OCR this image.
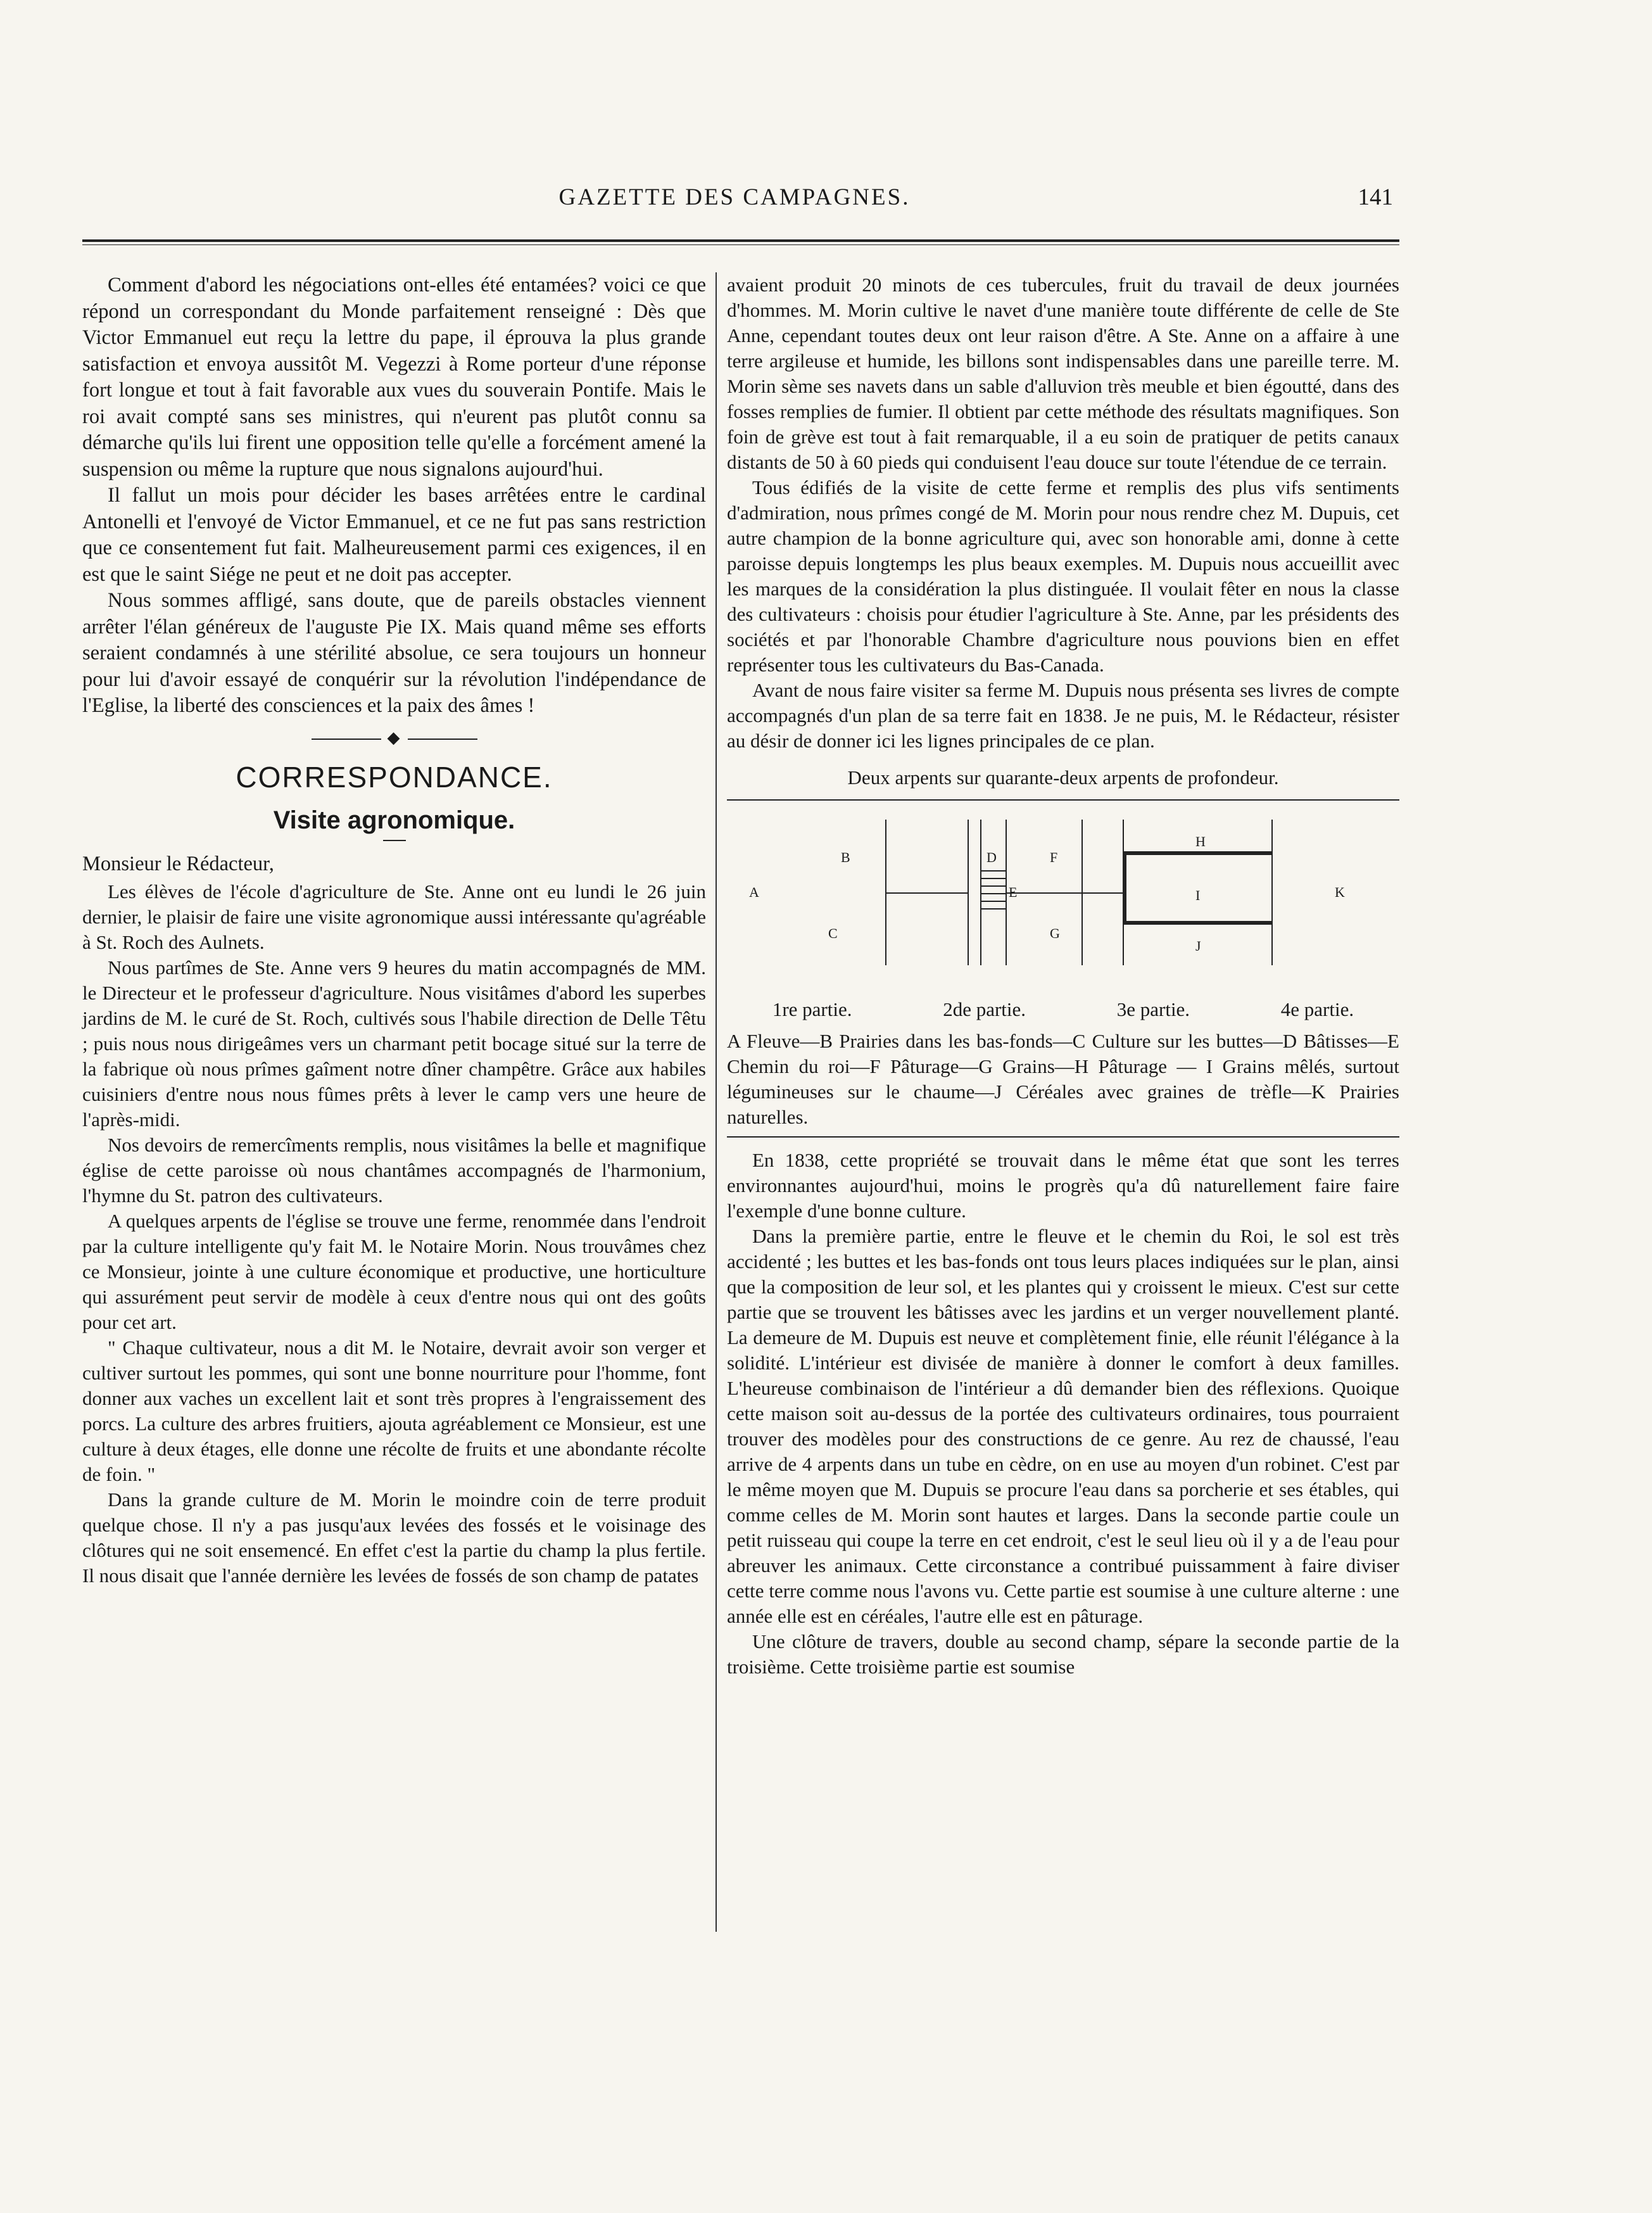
GAZETTE DES CAMPAGNES.	141

Comment d'abord les négociations ont-elles été entamées? voici ce que répond un correspondant du Monde parfaitement renseigné : Dès que Victor Emmanuel eut reçu la lettre du pape, il éprouva la plus grande satisfaction et envoya aussitôt M. Vegezzi à Rome porteur d'une réponse fort longue et tout à fait favorable aux vues du souverain Pontife. Mais le roi avait compté sans ses ministres, qui n'eurent pas plutôt connu sa démarche qu'ils lui firent une opposition telle qu'elle a forcément amené la suspension ou même la rupture que nous signalons aujourd'hui.

Il fallut un mois pour décider les bases arrêtées entre le cardinal Antonelli et l'envoyé de Victor Emmanuel, et ce ne fut pas sans restriction que ce consentement fut fait. Malheureusement parmi ces exigences, il en est que le saint Siége ne peut et ne doit pas accepter.

Nous sommes affligé, sans doute, que de pareils obstacles viennent arrêter l'élan généreux de l'auguste Pie IX. Mais quand même ses efforts seraient condamnés à une stérilité absolue, ce sera toujours un honneur pour lui d'avoir essayé de conquérir sur la révolution l'indépendance de l'Eglise, la liberté des consciences et la paix des âmes !

◆
CORRESPONDANCE.
Visite agronomique.

Monsieur le Rédacteur,

Les élèves de l'école d'agriculture de Ste. Anne ont eu lundi le 26 juin dernier, le plaisir de faire une visite agronomique aussi intéressante qu'agréable à St. Roch des Aulnets.

Nous partîmes de Ste. Anne vers 9 heures du matin accompagnés de MM. le Directeur et le professeur d'agriculture. Nous visitâmes d'abord les superbes jardins de M. le curé de St. Roch, cultivés sous l'habile direction de Delle Têtu ; puis nous nous dirigeâmes vers un charmant petit bocage situé sur la terre de la fabrique où nous prîmes gaîment notre dîner champêtre. Grâce aux habiles cuisiniers d'entre nous nous fûmes prêts à lever le camp vers une heure de l'après-midi.

Nos devoirs de remercîments remplis, nous visitâmes la belle et magnifique église de cette paroisse où nous chantâmes accompagnés de l'harmonium, l'hymne du St. patron des cultivateurs.

A quelques arpents de l'église se trouve une ferme, renommée dans l'endroit par la culture intelligente qu'y fait M. le Notaire Morin. Nous trouvâmes chez ce Monsieur, jointe à une culture économique et productive, une horticulture qui assurément peut servir de modèle à ceux d'entre nous qui ont des goûts pour cet art.

" Chaque cultivateur, nous a dit M. le Notaire, devrait avoir son verger et cultiver surtout les pommes, qui sont une bonne nourriture pour l'homme, font donner aux vaches un excellent lait et sont très propres à l'engraissement des porcs. La culture des arbres fruitiers, ajouta agréablement ce Monsieur, est une culture à deux étages, elle donne une récolte de fruits et une abondante récolte de foin. "

Dans la grande culture de M. Morin le moindre coin de terre produit quelque chose. Il n'y a pas jusqu'aux levées des fossés et le voisinage des clôtures qui ne soit ensemencé. En effet c'est la partie du champ la plus fertile. Il nous disait que l'année dernière les levées de fossés de son champ de patates

avaient produit 20 minots de ces tubercules, fruit du travail de deux journées d'hommes. M. Morin cultive le navet d'une manière toute différente de celle de Ste Anne, cependant toutes deux ont leur raison d'être. A Ste. Anne on a affaire à une terre argileuse et humide, les billons sont indispensables dans une pareille terre. M. Morin sème ses navets dans un sable d'alluvion très meuble et bien égoutté, dans des fosses remplies de fumier. Il obtient par cette méthode des résultats magnifiques. Son foin de grève est tout à fait remarquable, il a eu soin de pratiquer de petits canaux distants de 50 à 60 pieds qui conduisent l'eau douce sur toute l'étendue de ce terrain.

Tous édifiés de la visite de cette ferme et remplis des plus vifs sentiments d'admiration, nous prîmes congé de M. Morin pour nous rendre chez M. Dupuis, cet autre champion de la bonne agriculture qui, avec son honorable ami, donne à cette paroisse depuis longtemps les plus beaux exemples. M. Dupuis nous accueillit avec les marques de la considération la plus distinguée. Il voulait fêter en nous la classe des cultivateurs : choisis pour étudier l'agriculture à Ste. Anne, par les présidents des sociétés et par l'honorable Chambre d'agriculture nous pouvions bien en effet représenter tous les cultivateurs du Bas-Canada.

Avant de nous faire visiter sa ferme M. Dupuis nous présenta ses livres de compte accompagnés d'un plan de sa terre fait en 1838. Je ne puis, M. le Rédacteur, résister au désir de donner ici les lignes principales de ce plan.

Deux arpents sur quarante-deux arpents de profondeur.

A
B
C
D
E
F
G
H
I
J
K
1re partie.	2de partie.	3e partie.	4e partie.

A Fleuve—B Prairies dans les bas-fonds—C Culture sur les buttes—D Bâtisses—E Chemin du roi—F Pâturage—G Grains—H Pâturage — I Grains mêlés, surtout légumineuses sur le chaume—J Céréales avec graines de trèfle—K Prairies naturelles.

En 1838, cette propriété se trouvait dans le même état que sont les terres environnantes aujourd'hui, moins le progrès qu'a dû naturellement faire faire l'exemple d'une bonne culture.

Dans la première partie, entre le fleuve et le chemin du Roi, le sol est très accidenté ; les buttes et les bas-fonds ont tous leurs places indiquées sur le plan, ainsi que la composition de leur sol, et les plantes qui y croissent le mieux. C'est sur cette partie que se trouvent les bâtisses avec les jardins et un verger nouvellement planté. La demeure de M. Dupuis est neuve et complètement finie, elle réunit l'élégance à la solidité. L'intérieur est divisée de manière à donner le comfort à deux familles. L'heureuse combinaison de l'intérieur a dû demander bien des réflexions. Quoique cette maison soit au-dessus de la portée des cultivateurs ordinaires, tous pourraient trouver des modèles pour des constructions de ce genre. Au rez de chaussé, l'eau arrive de 4 arpents dans un tube en cèdre, on en use au moyen d'un robinet. C'est par le même moyen que M. Dupuis se procure l'eau dans sa porcherie et ses étables, qui comme celles de M. Morin sont hautes et larges. Dans la seconde partie coule un petit ruisseau qui coupe la terre en cet endroit, c'est le seul lieu où il y a de l'eau pour abreuver les animaux. Cette circonstance a contribué puissamment à faire diviser cette terre comme nous l'avons vu. Cette partie est soumise à une culture alterne : une année elle est en céréales, l'autre elle est en pâturage.

Une clôture de travers, double au second champ, sépare la seconde partie de la troisième. Cette troisième partie est soumise
